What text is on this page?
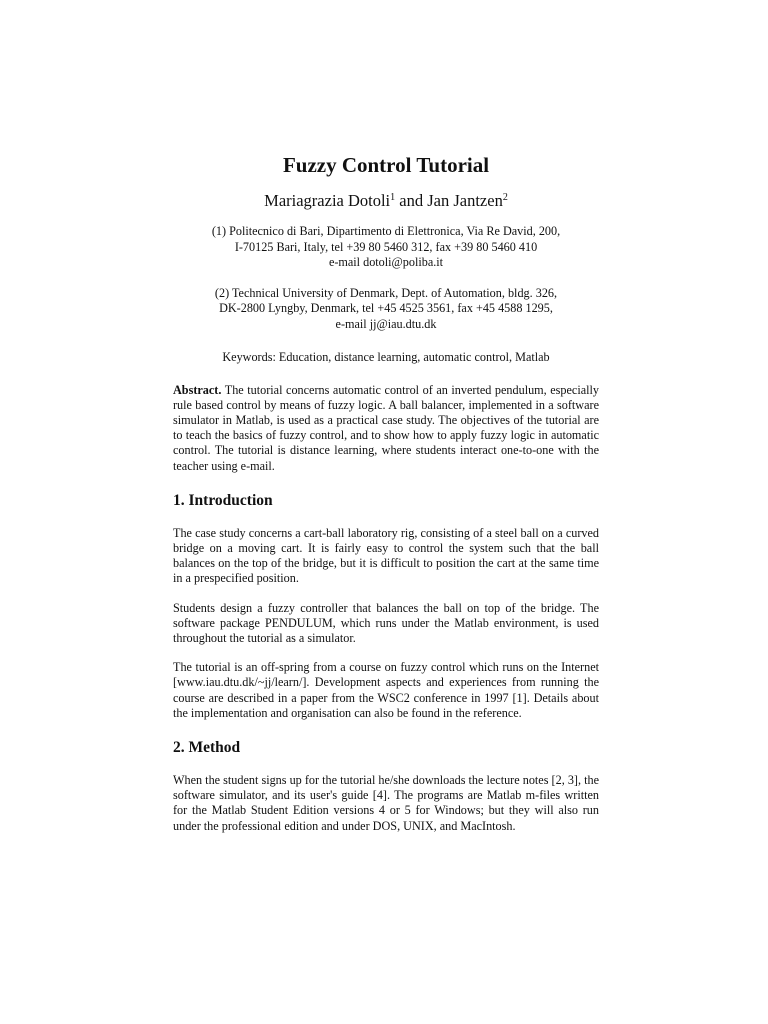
Fuzzy Control Tutorial
Mariagrazia Dotoli$^1$ and Jan Jantzen$^2$
(1) Politecnico di Bari, Dipartimento di Elettronica, Via Re David, 200,
I-70125 Bari, Italy, tel +39 80 5460 312, fax +39 80 5460 410
e-mail dotoli@poliba.it
(2) Technical University of Denmark, Dept. of Automation, bldg. 326,
DK-2800 Lyngby, Denmark, tel +45 4525 3561, fax +45 4588 1295,
e-mail jj@iau.dtu.dk
Keywords: Education, distance learning, automatic control, Matlab
Abstract. The tutorial concerns automatic control of an inverted pendulum, especially rule based control by means of fuzzy logic. A ball balancer, implemented in a software simulator in Matlab, is used as a practical case study. The objectives of the tutorial are to teach the basics of fuzzy control, and to show how to apply fuzzy logic in automatic control. The tutorial is distance learning, where students interact one-to-one with the teacher using e-mail.
1. Introduction
The case study concerns a cart-ball laboratory rig, consisting of a steel ball on a curved bridge on a moving cart. It is fairly easy to control the system such that the ball balances on the top of the bridge, but it is difficult to position the cart at the same time in a prespecified position.
Students design a fuzzy controller that balances the ball on top of the bridge. The software package PENDULUM, which runs under the Matlab environment, is used throughout the tutorial as a simulator.
The tutorial is an off-spring from a course on fuzzy control which runs on the Internet [www.iau.dtu.dk/~jj/learn/]. Development aspects and experiences from running the course are described in a paper from the WSC2 conference in 1997 [1]. Details about the implementation and organisation can also be found in the reference.
2. Method
When the student signs up for the tutorial he/she downloads the lecture notes [2, 3], the software simulator, and its user's guide [4]. The programs are Matlab m-files written for the Matlab Student Edition versions 4 or 5 for Windows; but they will also run under the professional edition and under DOS, UNIX, and MacIntosh.
